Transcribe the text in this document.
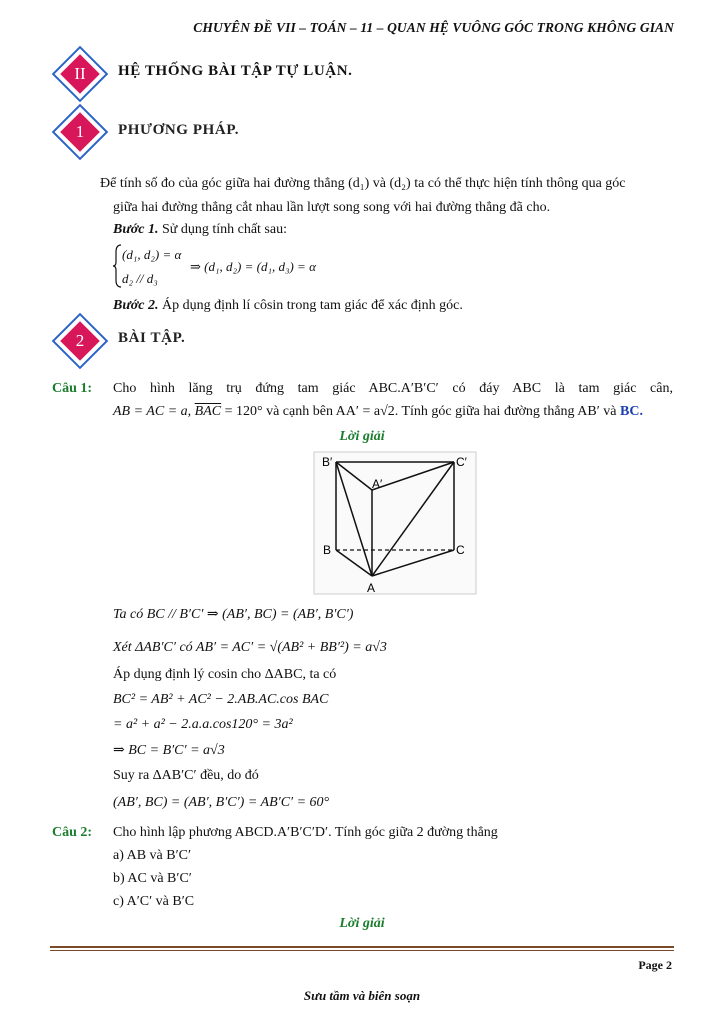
CHUYÊN ĐỀ VII – TOÁN – 11 – QUAN HỆ VUÔNG GÓC TRONG KHÔNG GIAN
II	HỆ THỐNG BÀI TẬP TỰ LUẬN.
1	PHƯƠNG PHÁP.
Để tính số đo của góc giữa hai đường thẳng (d₁) và (d₂) ta có thể thực hiện tính thông qua góc
giữa hai đường thẳng cắt nhau lần lượt song song với hai đường thẳng đã cho.
Bước 1. Sử dụng tính chất sau:
(d₁, d₂) = α
d₂ // d₃
⇒ (d₁, d₂) = (d₁, d₃) = α
Bước 2. Áp dụng định lí côsin trong tam giác để xác định góc.
2	BÀI TẬP.
Câu 1: Cho hình lăng trụ đứng tam giác ABC.A′B′C′ có đáy ABC là tam giác cân,
AB = AC = a, $\overline{BAC} = 120^\circ$ và cạnh bên AA′ = a√2. Tính góc giữa hai đường thẳng AB′ và BC.
Lời giải
B′	C′
A′
B	C
A
Ta có BC // B′C′ ⇒ (AB′, BC) = (AB′, B′C′)
Xét ΔAB′C′ có AB′ = AC′ = √(AB² + BB′²) = a√3
Áp dụng định lý cosin cho ΔABC, ta có
BC² = AB² + AC² − 2.AB.AC.cos BAC
= a² + a² − 2.a.a.cos120° = 3a²
⇒ BC = B′C′ = a√3
Suy ra ΔAB′C′ đều, do đó
(AB′, BC) = (AB′, B′C′) = AB′C′ = 60°
Câu 2: Cho hình lập phương ABCD.A′B′C′D′. Tính góc giữa 2 đường thẳng
a) AB và B′C′
b) AC và B′C′
c) A′C′ và B′C
Lời giải
Page 2
Sưu tầm và biên soạn
